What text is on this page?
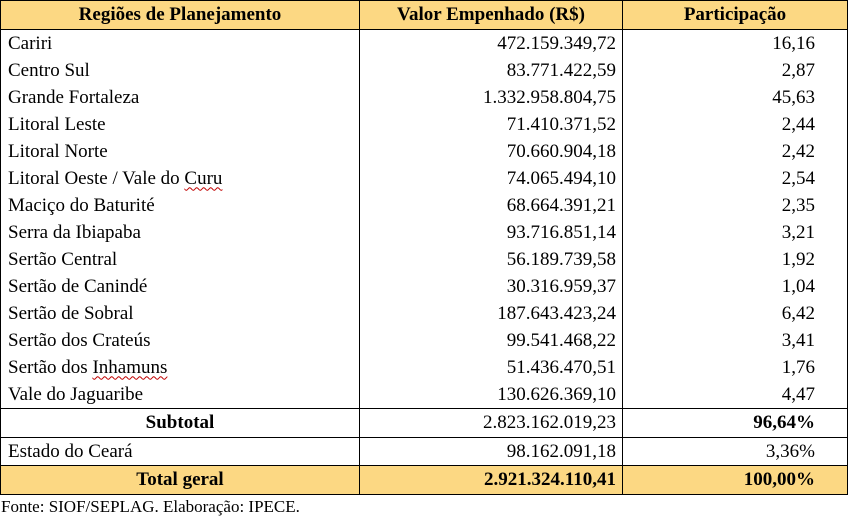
Regiões de Planejamento	Valor Empenhado (R$)	Participação
Cariri	472.159.349,72	16,16
Centro Sul	83.771.422,59	2,87
Grande Fortaleza	1.332.958.804,75	45,63
Litoral Leste	71.410.371,52	2,44
Litoral Norte	70.660.904,18	2,42
Litoral Oeste / Vale do Curu	74.065.494,10	2,54
Maciço do Baturité	68.664.391,21	2,35
Serra da Ibiapaba	93.716.851,14	3,21
Sertão Central	56.189.739,58	1,92
Sertão de Canindé	30.316.959,37	1,04
Sertão de Sobral	187.643.423,24	6,42
Sertão dos Crateús	99.541.468,22	3,41
Sertão dos Inhamuns	51.436.470,51	1,76
Vale do Jaguaribe	130.626.369,10	4,47
Subtotal	2.823.162.019,23	96,64%
Estado do Ceará	98.162.091,18	3,36%
Total geral	2.921.324.110,41	100,00%
Fonte: SIOF/SEPLAG. Elaboração: IPECE.
